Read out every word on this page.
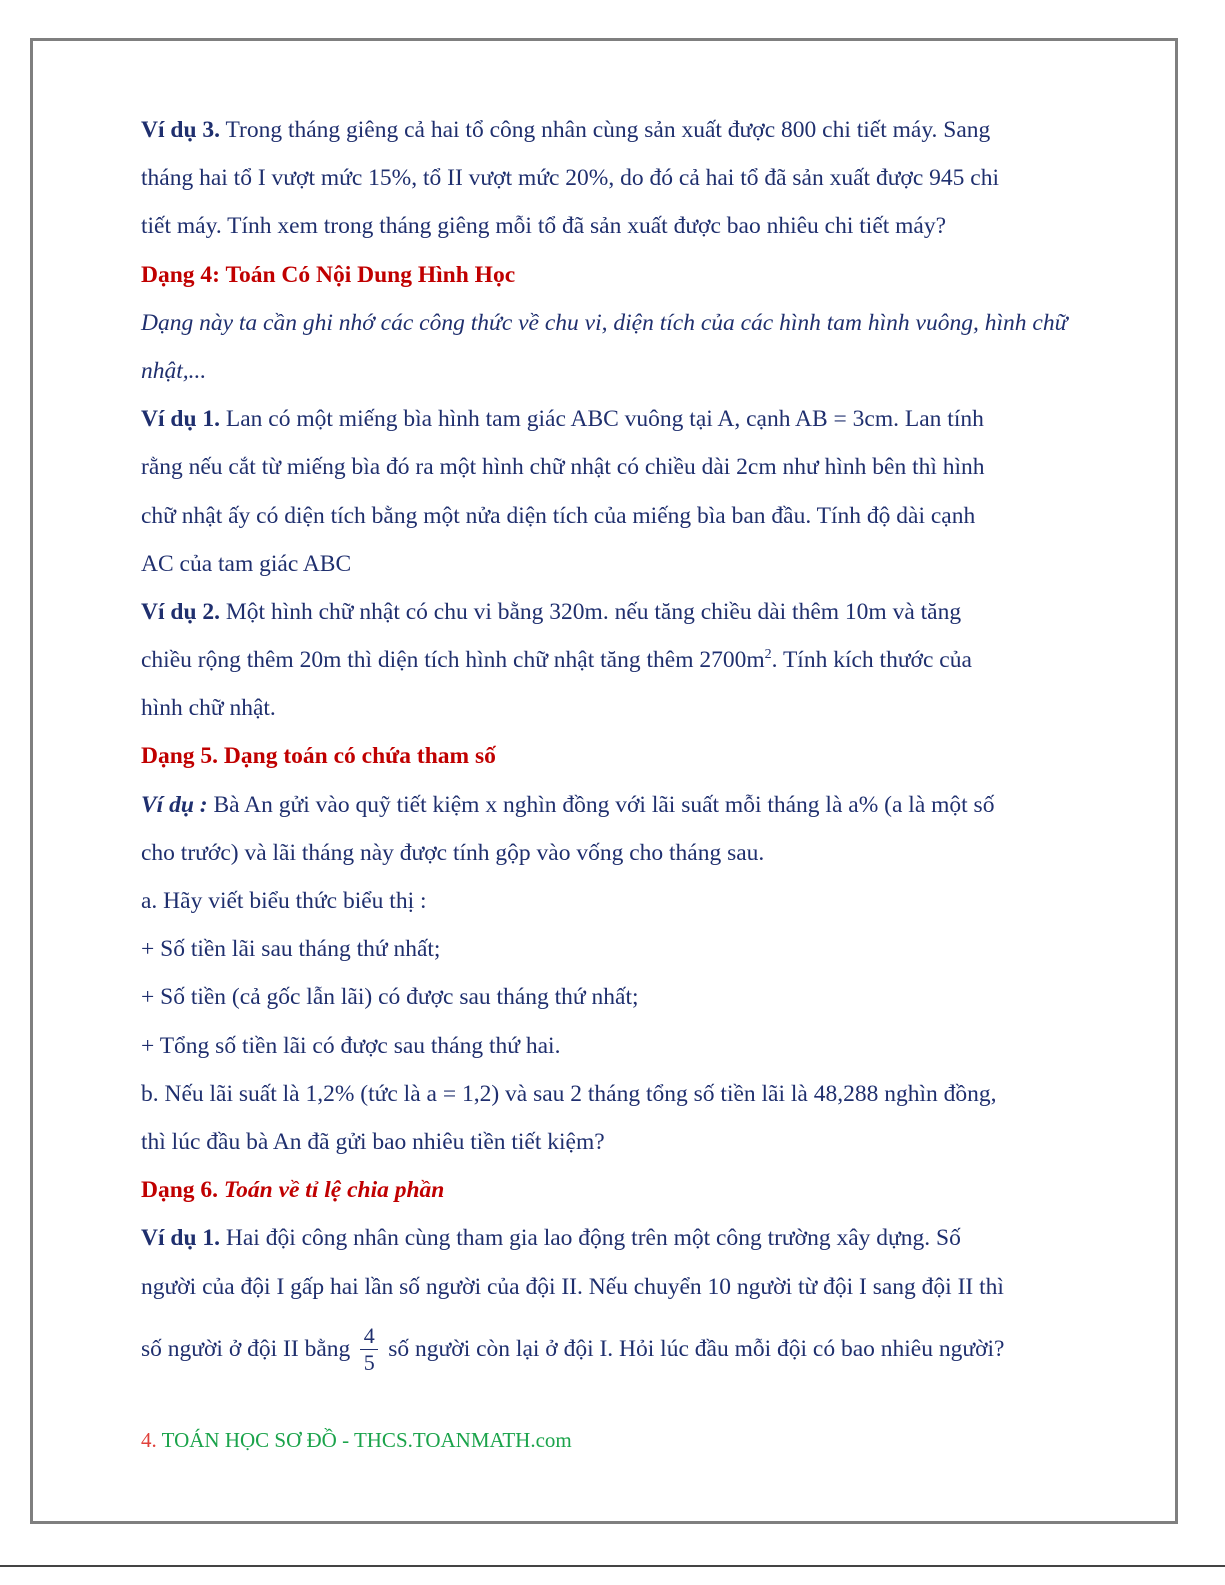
Ví dụ 3. Trong tháng giêng cả hai tổ công nhân cùng sản xuất được 800 chi tiết máy. Sang
tháng hai tổ I vượt mức 15%, tổ II vượt mức 20%, do đó cả hai tổ đã sản xuất được 945 chi
tiết máy. Tính xem trong tháng giêng mỗi tổ đã sản xuất được bao nhiêu chi tiết máy?
Dạng 4: Toán Có Nội Dung Hình Học
Dạng này ta cần ghi nhớ các công thức về chu vi, diện tích của các hình tam hình vuông, hình chữ
nhật,...
Ví dụ 1. Lan có một miếng bìa hình tam giác ABC vuông tại A, cạnh AB = 3cm. Lan tính
rằng nếu cắt từ miếng bìa đó ra một hình chữ nhật có chiều dài 2cm như hình bên thì hình
chữ nhật ấy có diện tích bằng một nửa diện tích của miếng bìa ban đầu. Tính độ dài cạnh
AC của tam giác ABC
Ví dụ 2. Một hình chữ nhật có chu vi bằng 320m. nếu tăng chiều dài thêm 10m và tăng
chiều rộng thêm 20m thì diện tích hình chữ nhật tăng thêm $2700m^2$. Tính kích thước của
hình chữ nhật.
Dạng 5. Dạng toán có chứa tham số
Ví dụ : Bà An gửi vào quỹ tiết kiệm x nghìn đồng với lãi suất mỗi tháng là a% (a là một số
cho trước) và lãi tháng này được tính gộp vào vống cho tháng sau.
a. Hãy viết biểu thức biểu thị :
+ Số tiền lãi sau tháng thứ nhất;
+ Số tiền (cả gốc lẫn lãi) có được sau tháng thứ nhất;
+ Tổng số tiền lãi có được sau tháng thứ hai.
b. Nếu lãi suất là 1,2% (tức là a = 1,2) và sau 2 tháng tổng số tiền lãi là 48,288 nghìn đồng,
thì lúc đầu bà An đã gửi bao nhiêu tiền tiết kiệm?
Dạng 6. Toán về tỉ lệ chia phần
Ví dụ 1. Hai đội công nhân cùng tham gia lao động trên một công trường xây dựng. Số
người của đội I gấp hai lần số người của đội II. Nếu chuyển 10 người từ đội I sang đội II thì
số người ở đội II bằng $\frac{4}{5}$ số người còn lại ở đội I. Hỏi lúc đầu mỗi đội có bao nhiêu người?
4. TOÁN HỌC SƠ ĐỒ - THCS.TOANMATH.com
